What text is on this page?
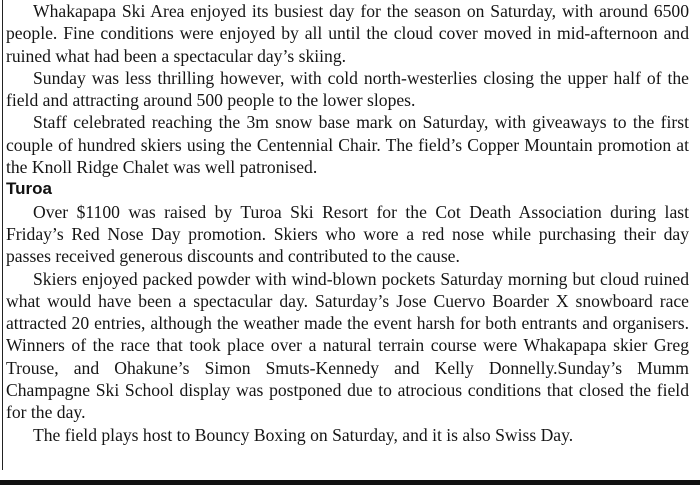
Whakapapa Ski Area enjoyed its busiest day for the season on Saturday, with around 6500 people. Fine conditions were enjoyed by all until the cloud cover moved in mid-afternoon and ruined what had been a spectacular day’s skiing.

Sunday was less thrilling however, with cold north-westerlies closing the upper half of the field and attracting around 500 people to the lower slopes.

Staff celebrated reaching the 3m snow base mark on Saturday, with giveaways to the first couple of hundred skiers using the Centennial Chair. The field’s Copper Mountain promotion at the Knoll Ridge Chalet was well patronised.

Turoa

Over $1100 was raised by Turoa Ski Resort for the Cot Death Association during last Friday’s Red Nose Day promotion. Skiers who wore a red nose while purchasing their day passes received generous discounts and contributed to the cause.

Skiers enjoyed packed powder with wind-blown pockets Saturday morning but cloud ruined what would have been a spectacular day. Saturday’s Jose Cuervo Boarder X snowboard race attracted 20 entries, although the weather made the event harsh for both entrants and organisers. Winners of the race that took place over a natural terrain course were Whakapapa skier Greg Trouse, and Ohakune’s Simon Smuts-Kennedy and Kelly Donnelly.Sunday’s Mumm Champagne Ski School display was postponed due to atrocious conditions that closed the field for the day.

The field plays host to Bouncy Boxing on Saturday, and it is also Swiss Day.
